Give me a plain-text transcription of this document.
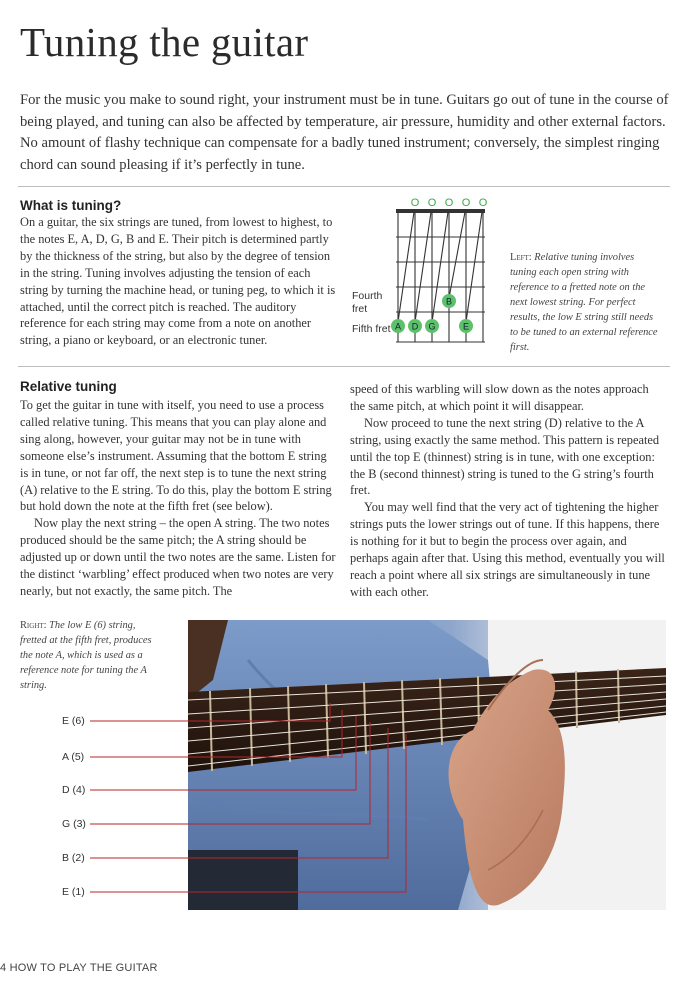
Tuning the guitar

For the music you make to sound right, your instrument must be in tune. Guitars go out of tune in the course of being played, and tuning can also be affected by temperature, air pressure, humidity and other external factors. No amount of flashy technique can compensate for a badly tuned instrument; conversely, the simplest ringing chord can sound pleasing if it’s perfectly in tune.

What is tuning?

On a guitar, the six strings are tuned, from lowest to highest, to the notes E, A, D, G, B and E. Their pitch is determined partly by the thickness of the string, but also by the degree of tension in the string. Tuning involves adjusting the tension of each string by turning the machine head, or tuning peg, to which it is attached, until the correct pitch is reached. The auditory reference for each string may come from a note on another string, a piano or keyboard, or an electronic tuner.

Fourth fret
Fifth fret
O O O O O
A D G	E
B
Left: Relative tuning involves tuning each open string with reference to a fretted note on the next lowest string. For perfect results, the low E string still needs to be tuned to an external reference first.
Relative tuning

To get the guitar in tune with itself, you need to use a process called relative tuning. This means that you can play alone and sing along, however, your guitar may not be in tune with someone else’s instrument. Assuming that the bottom E string is in tune, or not far off, the next step is to tune the next string (A) relative to the E string. To do this, play the bottom E string but hold down the note at the fifth fret (see below).

Now play the next string – the open A string. The two notes produced should be the same pitch; the A string should be adjusted up or down until the two notes are the same. Listen for the distinct ‘warbling’ effect produced when two notes are very nearly, but not exactly, the same pitch. The

speed of this warbling will slow down as the notes approach the same pitch, at which point it will disappear.

Now proceed to tune the next string (D) relative to the A string, using exactly the same method. This pattern is repeated until the top E (thinnest) string is in tune, with one exception: the B (second thinnest) string is tuned to the G string’s fourth fret.

You may well find that the very act of tightening the higher strings puts the lower strings out of tune. If this happens, there is nothing for it but to begin the process over again, and perhaps again after that. Using this method, eventually you will reach a point where all six strings are simultaneously in tune with each other.

Right: The low E (6) string, fretted at the fifth fret, produces the note A, which is used as a reference note for tuning the A string.
E (6)
A (5)
D (4)
G (3)
B (2)
E (1)
4 HOW TO PLAY THE GUITAR
